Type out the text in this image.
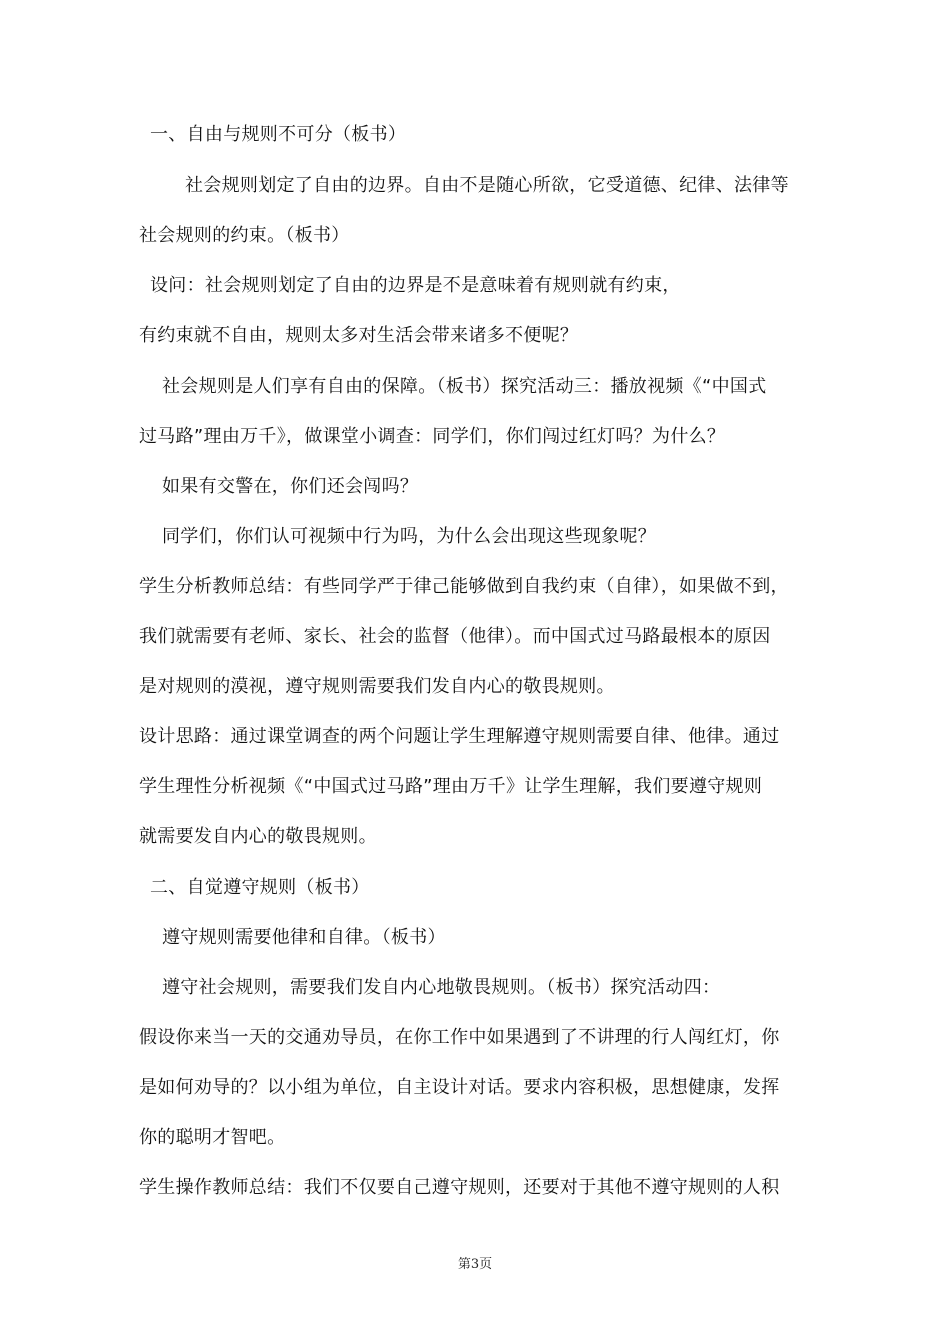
一、自由与规则不可分（板书）
社会规则划定了自由的边界。自由不是随心所欲，它受道德、纪律、法律等
社会规则的约束。（板书）
设问：社会规则划定了自由的边界是不是意味着有规则就有约束，
有约束就不自由，规则太多对生活会带来诸多不便呢？
社会规则是人们享有自由的保障。（板书）探究活动三：播放视频《“中国式
过马路”理由万千》，做课堂小调查：同学们，你们闯过红灯吗？为什么？
如果有交警在，你们还会闯吗？
同学们，你们认可视频中行为吗，为什么会出现这些现象呢？
学生分析教师总结：有些同学严于律己能够做到自我约束（自律），如果做不到，
我们就需要有老师、家长、社会的监督（他律）。而中国式过马路最根本的原因
是对规则的漠视，遵守规则需要我们发自内心的敬畏规则。
设计思路：通过课堂调查的两个问题让学生理解遵守规则需要自律、他律。通过
学生理性分析视频《“中国式过马路”理由万千》让学生理解，我们要遵守规则
就需要发自内心的敬畏规则。
二、自觉遵守规则（板书）
遵守规则需要他律和自律。（板书）
遵守社会规则，需要我们发自内心地敬畏规则。（板书）探究活动四：
假设你来当一天的交通劝导员，在你工作中如果遇到了不讲理的行人闯红灯，你
是如何劝导的？以小组为单位，自主设计对话。要求内容积极，思想健康，发挥
你的聪明才智吧。
学生操作教师总结：我们不仅要自己遵守规则，还要对于其他不遵守规则的人积
第3页
